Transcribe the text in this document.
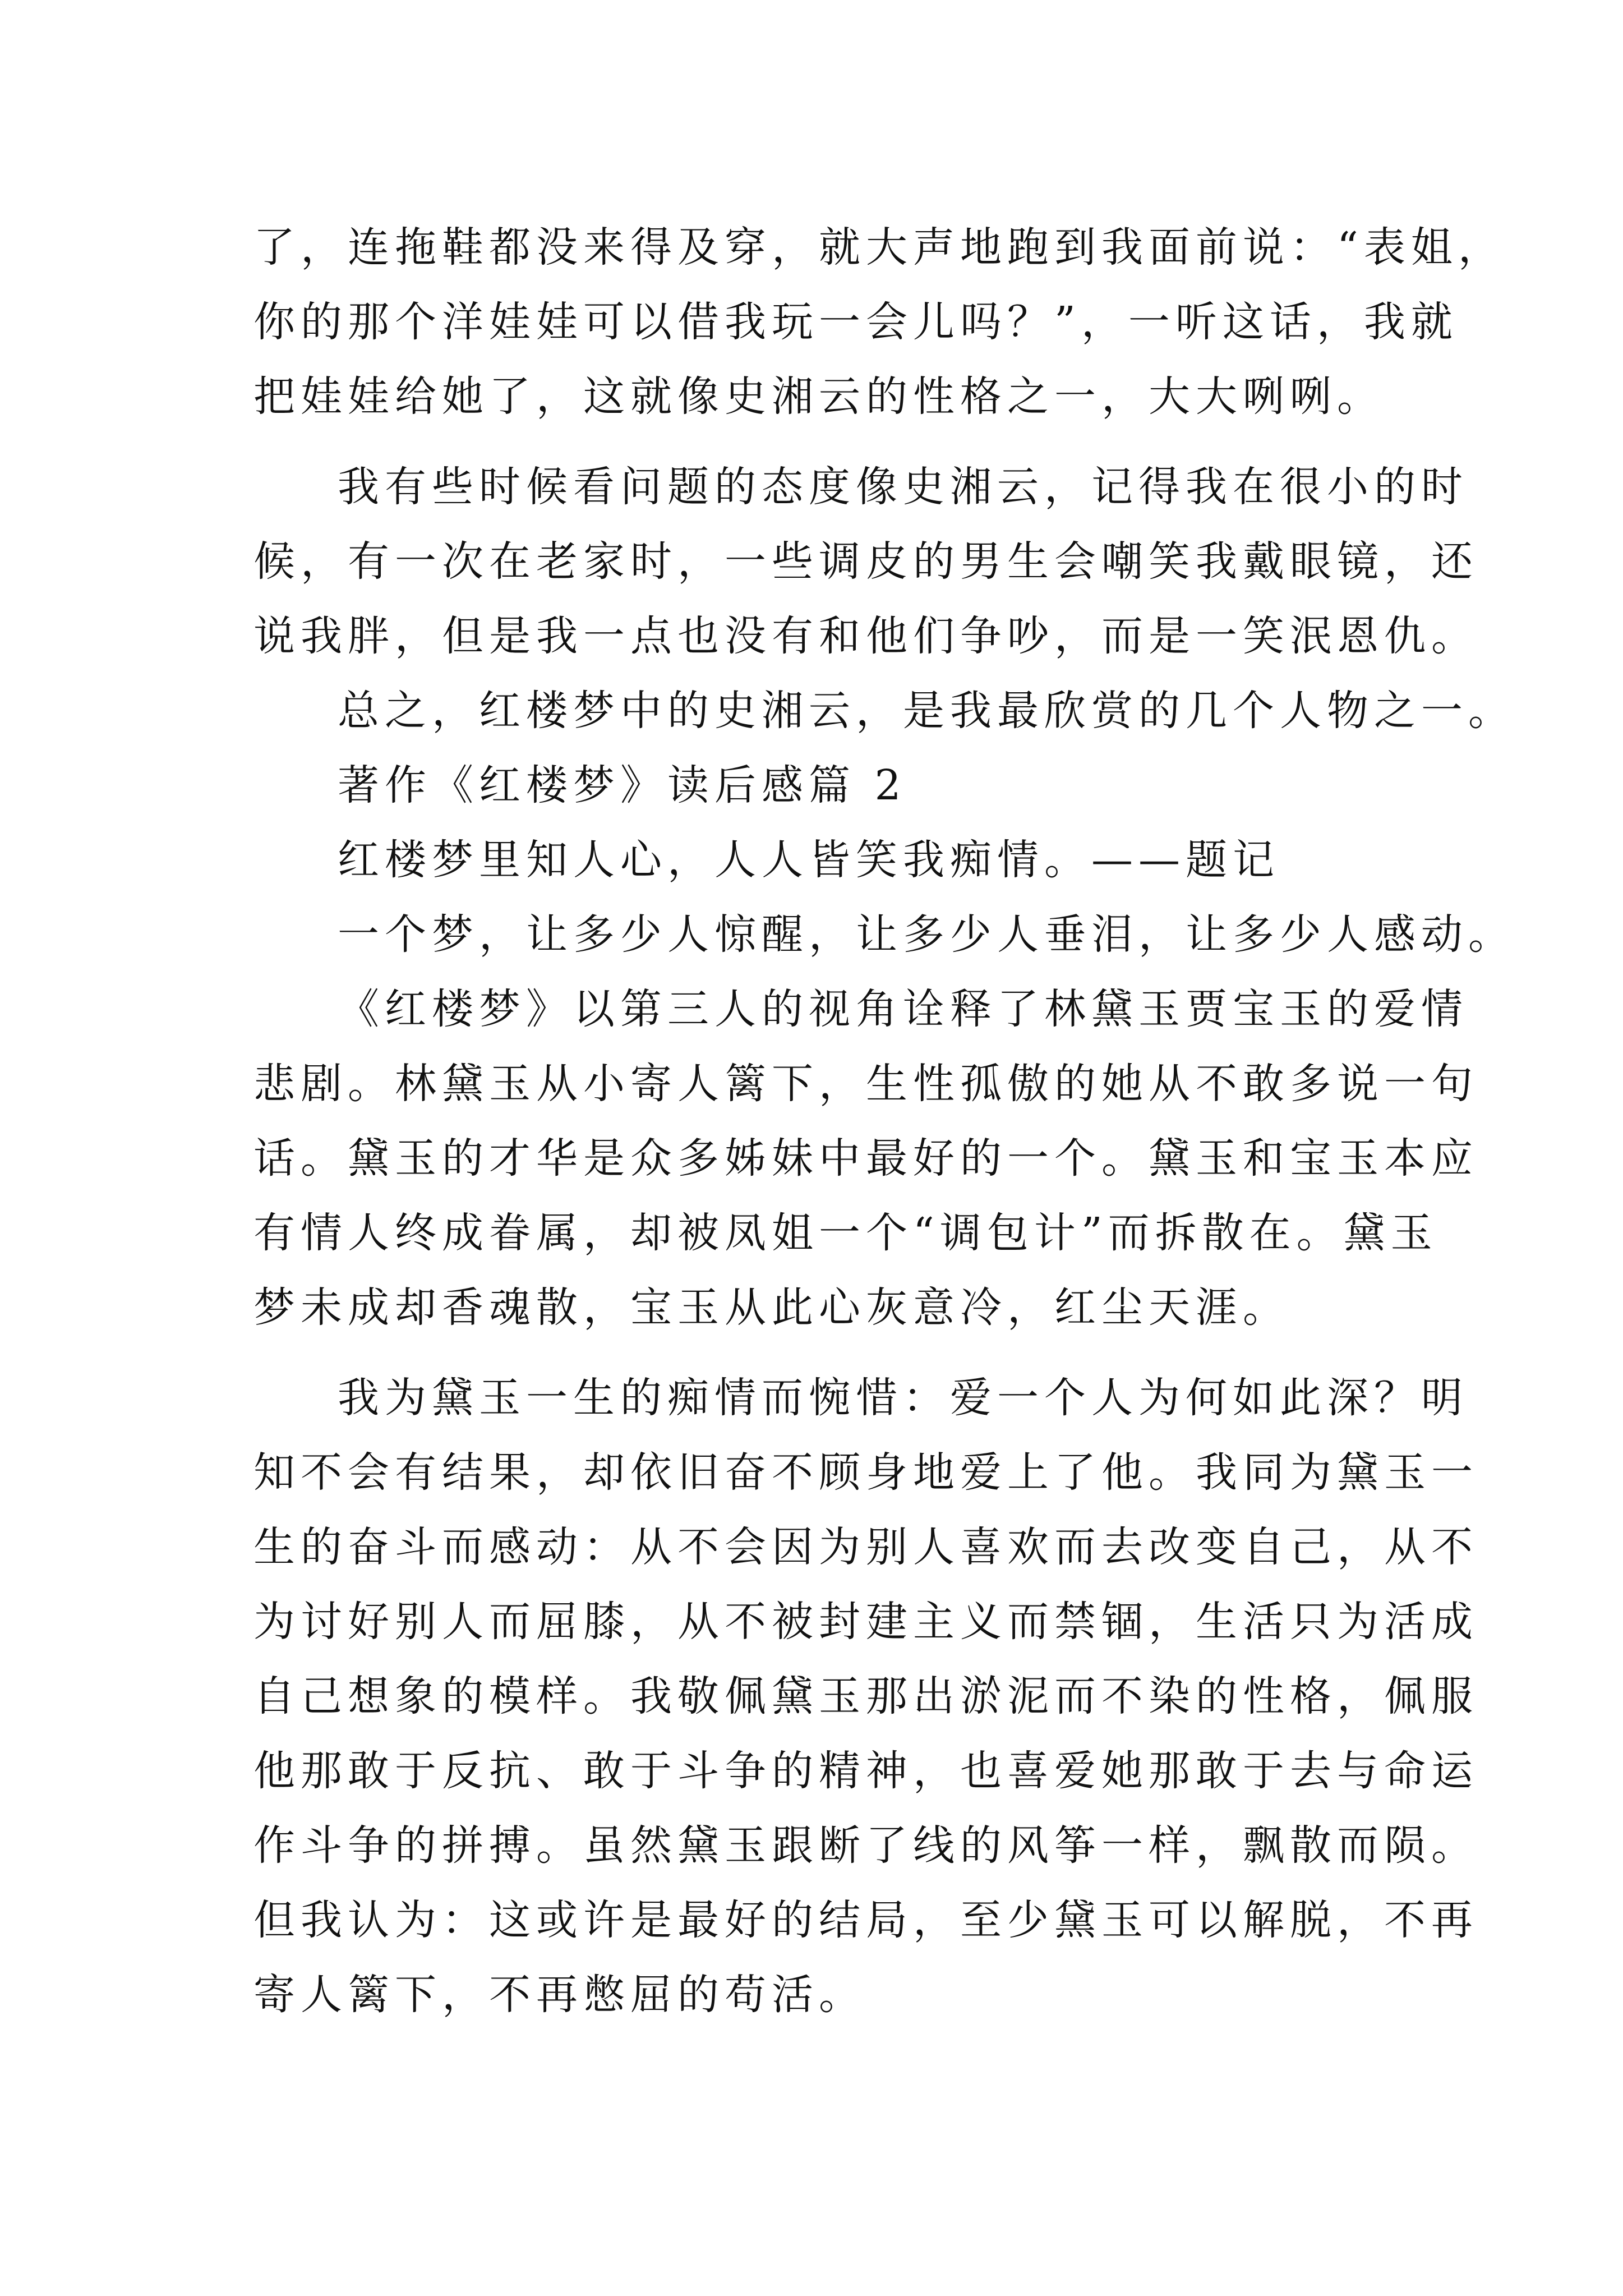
了，连拖鞋都没来得及穿，就大声地跑到我面前说：“表姐，
你的那个洋娃娃可以借我玩一会儿吗？”，一听这话，我就
把娃娃给她了，这就像史湘云的性格之一，大大咧咧。
我有些时候看问题的态度像史湘云，记得我在很小的时
候，有一次在老家时，一些调皮的男生会嘲笑我戴眼镜，还
说我胖，但是我一点也没有和他们争吵，而是一笑泯恩仇。
总之，红楼梦中的史湘云，是我最欣赏的几个人物之一。
著作《红楼梦》读后感篇 2
红楼梦里知人心，人人皆笑我痴情。——题记
一个梦，让多少人惊醒，让多少人垂泪，让多少人感动。
《红楼梦》以第三人的视角诠释了林黛玉贾宝玉的爱情
悲剧。林黛玉从小寄人篱下，生性孤傲的她从不敢多说一句
话。黛玉的才华是众多姊妹中最好的一个。黛玉和宝玉本应
有情人终成眷属，却被凤姐一个“调包计”而拆散在。黛玉
梦未成却香魂散，宝玉从此心灰意冷，红尘天涯。
我为黛玉一生的痴情而惋惜：爱一个人为何如此深？明
知不会有结果，却依旧奋不顾身地爱上了他。我同为黛玉一
生的奋斗而感动：从不会因为别人喜欢而去改变自己，从不
为讨好别人而屈膝，从不被封建主义而禁锢，生活只为活成
自己想象的模样。我敬佩黛玉那出淤泥而不染的性格，佩服
他那敢于反抗、敢于斗争的精神，也喜爱她那敢于去与命运
作斗争的拼搏。虽然黛玉跟断了线的风筝一样，飘散而陨。
但我认为：这或许是最好的结局，至少黛玉可以解脱，不再
寄人篱下，不再憋屈的苟活。
